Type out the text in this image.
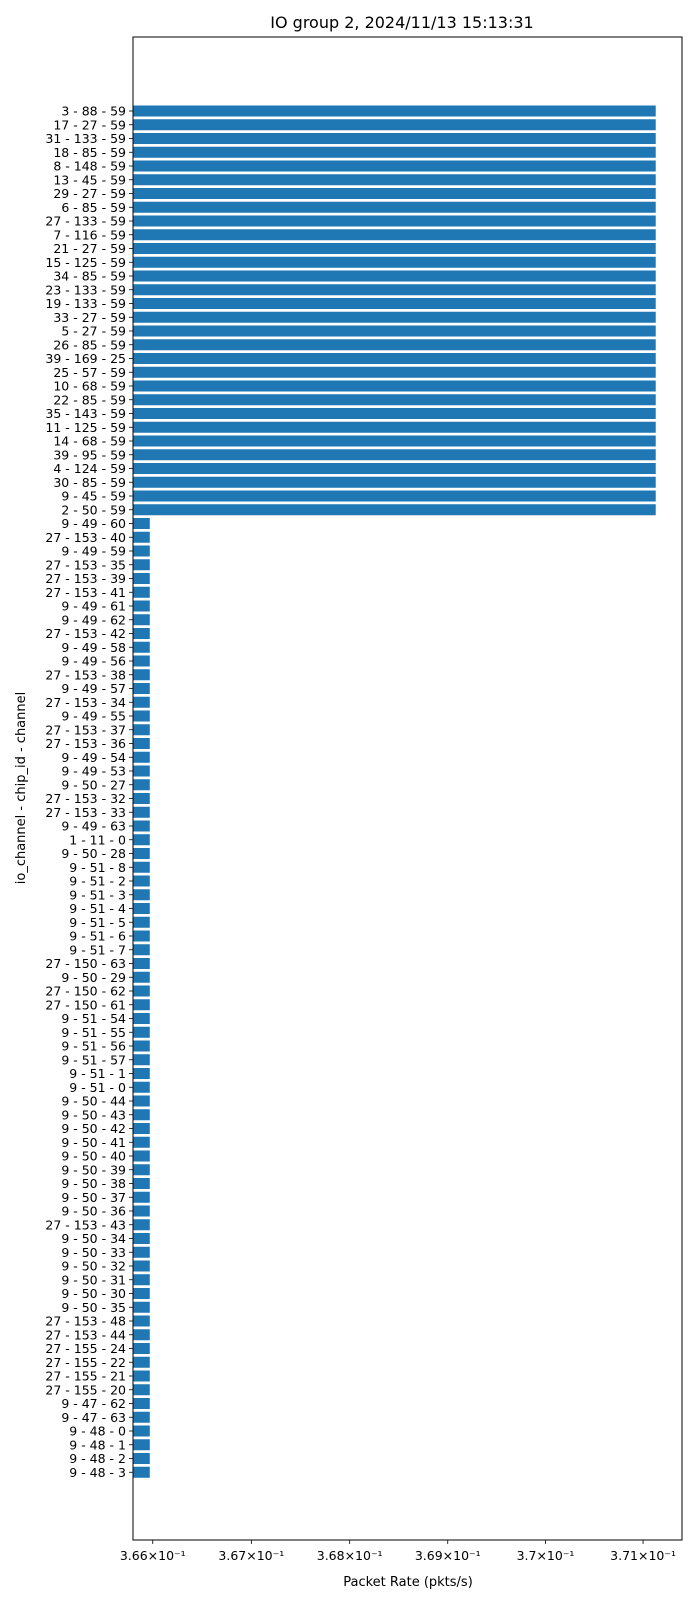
IO group 2, 2024/11/13 15:13:31
3 - 88 - 59
17 - 27 - 59
31 - 133 - 59
18 - 85 - 59
8 - 148 - 59
13 - 45 - 59
29 - 27 - 59
6 - 85 - 59
27 - 133 - 59
7 - 116 - 59
21 - 27 - 59
15 - 125 - 59
34 - 85 - 59
23 - 133 - 59
19 - 133 - 59
33 - 27 - 59
5 - 27 - 59
26 - 85 - 59
39 - 169 - 25
25 - 57 - 59
10 - 68 - 59
22 - 85 - 59
35 - 143 - 59
11 - 125 - 59
14 - 68 - 59
39 - 95 - 59
4 - 124 - 59
30 - 85 - 59
9 - 45 - 59
2 - 50 - 59
9 - 49 - 60
27 - 153 - 40
9 - 49 - 59
27 - 153 - 35
27 - 153 - 39
27 - 153 - 41
9 - 49 - 61
9 - 49 - 62
27 - 153 - 42
9 - 49 - 58
9 - 49 - 56
27 - 153 - 38
9 - 49 - 57
27 - 153 - 34
9 - 49 - 55
27 - 153 - 37
27 - 153 - 36
9 - 49 - 54
9 - 49 - 53
9 - 50 - 27
27 - 153 - 32
27 - 153 - 33
9 - 49 - 63
1 - 11 - 0
9 - 50 - 28
9 - 51 - 8
9 - 51 - 2
9 - 51 - 3
9 - 51 - 4
9 - 51 - 5
9 - 51 - 6
9 - 51 - 7
27 - 150 - 63
9 - 50 - 29
27 - 150 - 62
27 - 150 - 61
9 - 51 - 54
9 - 51 - 55
9 - 51 - 56
9 - 51 - 57
9 - 51 - 1
9 - 51 - 0
9 - 50 - 44
9 - 50 - 43
9 - 50 - 42
9 - 50 - 41
9 - 50 - 40
9 - 50 - 39
9 - 50 - 38
9 - 50 - 37
9 - 50 - 36
27 - 153 - 43
9 - 50 - 34
9 - 50 - 33
9 - 50 - 32
9 - 50 - 31
9 - 50 - 30
9 - 50 - 35
27 - 153 - 48
27 - 153 - 44
27 - 155 - 24
27 - 155 - 22
27 - 155 - 21
27 - 155 - 20
9 - 47 - 62
9 - 47 - 63
9 - 48 - 0
9 - 48 - 1
9 - 48 - 2
9 - 48 - 3
3.66×10⁻¹	3.67×10⁻¹	3.68×10⁻¹	3.69×10⁻¹	3.7×10⁻¹	3.71×10⁻¹
Packet Rate (pkts/s)
io_channel - chip_id - channel
